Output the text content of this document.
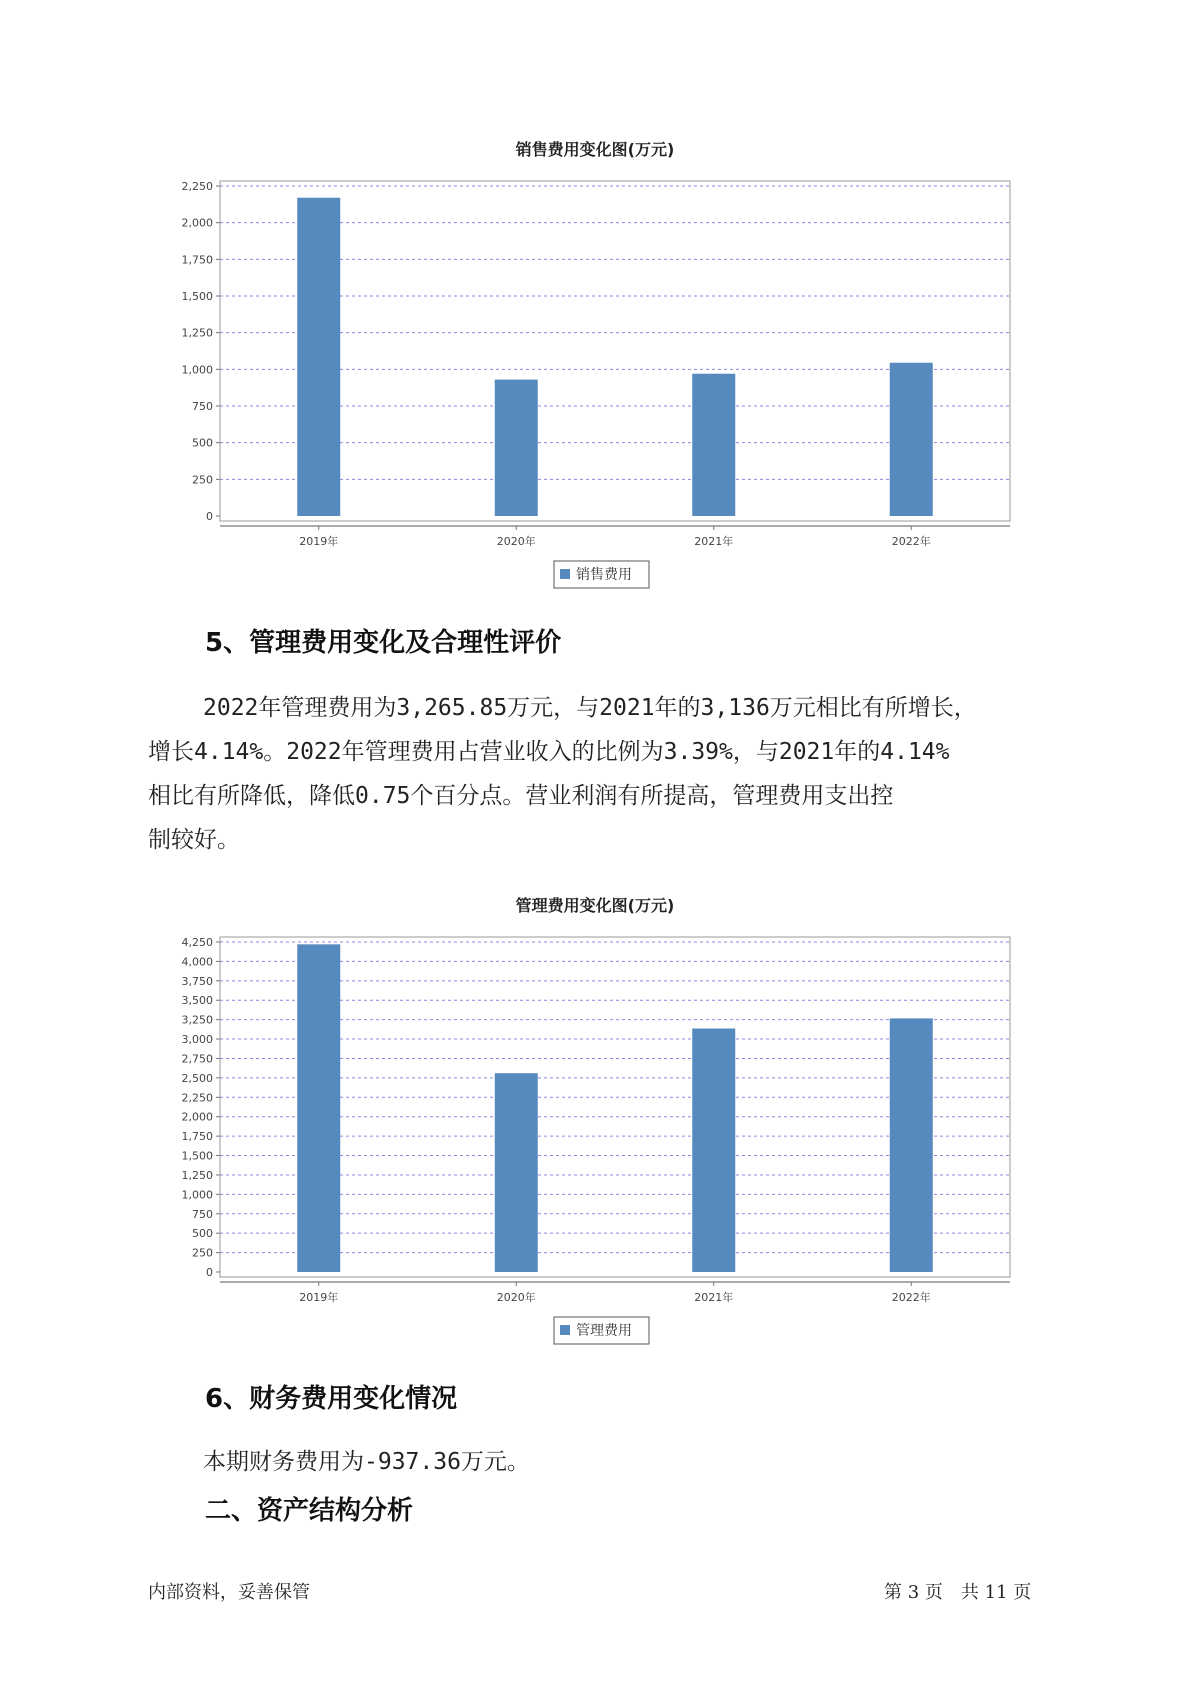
销售费用变化图(万元)
0
250
500
750
1,000
1,250
1,500
1,750
2,000
2,250
2019年	2020年	2021年	2022年
销售费用
5、管理费用变化及合理性评价

2022年管理费用为3,265.85万元，与2021年的3,136万元相比有所增长，

增长4.14%。2022年管理费用占营业收入的比例为3.39%，与2021年的4.14%

相比有所降低，降低0.75个百分点。营业利润有所提高，管理费用支出控

制较好。

管理费用变化图(万元)
0
250
500
750
1,000
1,250
1,500
1,750
2,000
2,250
2,500
2,750
3,000
3,250
3,500
3,750
4,000
4,250
2019年	2020年	2021年	2022年
管理费用
6、财务费用变化情况

本期财务费用为-937.36万元。

二、资产结构分析
内部资料，妥善保管	第 3 页　共 11 页
